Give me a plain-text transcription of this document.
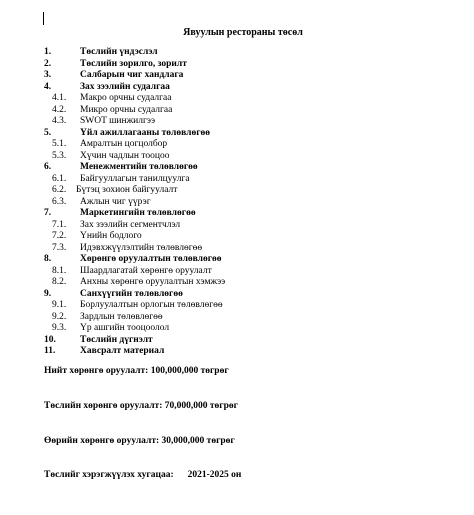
Явуулын рестораны төсөл
1.	Төслийн үндэслэл
2.	Төслийн зорилго, зорилт
3.	Салбарын чиг хандлага
4.	Зах зээлийн судалгаа
4.1. Макро орчны судалгаа
4.2. Микро орчны судалгаа
4.3. SWOT шинжилгээ
5.	Үйл ажиллагааны төлөвлөгөө
5.1. Амралтын цогцолбор
5.3. Хүчин чадлын тооцоо
6.	Менежментийн төлөвлөгөө
6.1. Байгууллагын танилцуулга
6.2. Бүтэц зохион байгуулалт
6.3. Ажлын чиг үүрэг
7.	Маркетингийн төлөвлөгөө
7.1. Зах зээлийн сегментчлэл
7.2. Үнийн бодлого
7.3. Идэвхжүүлэлтийн төлөвлөгөө
8.	Хөрөнгө оруулалтын төлөвлөгөө
8.1. Шаардлагатай хөрөнгө оруулалт
8.2. Анхны хөрөнгө оруулалтын хэмжээ
9.	Санхүүгийн төлөвлөгөө
9.1. Борлуулалтын орлогын төлөвлөгөө
9.2. Зардлын төлөвлөгөө
9.3. Үр ашгийн тооцоолол
10.	Төслийн дүгнэлт
11.	Хавсралт материал
Нийт хөрөнгө оруулалт: 100,000,000 төгрөг
Төслийн хөрөнгө оруулалт: 70,000,000 төгрөг
Өөрийн хөрөнгө оруулалт: 30,000,000 төгрөг
Төслийг хэрэгжүүлэх хугацаа: 2021-2025 он
